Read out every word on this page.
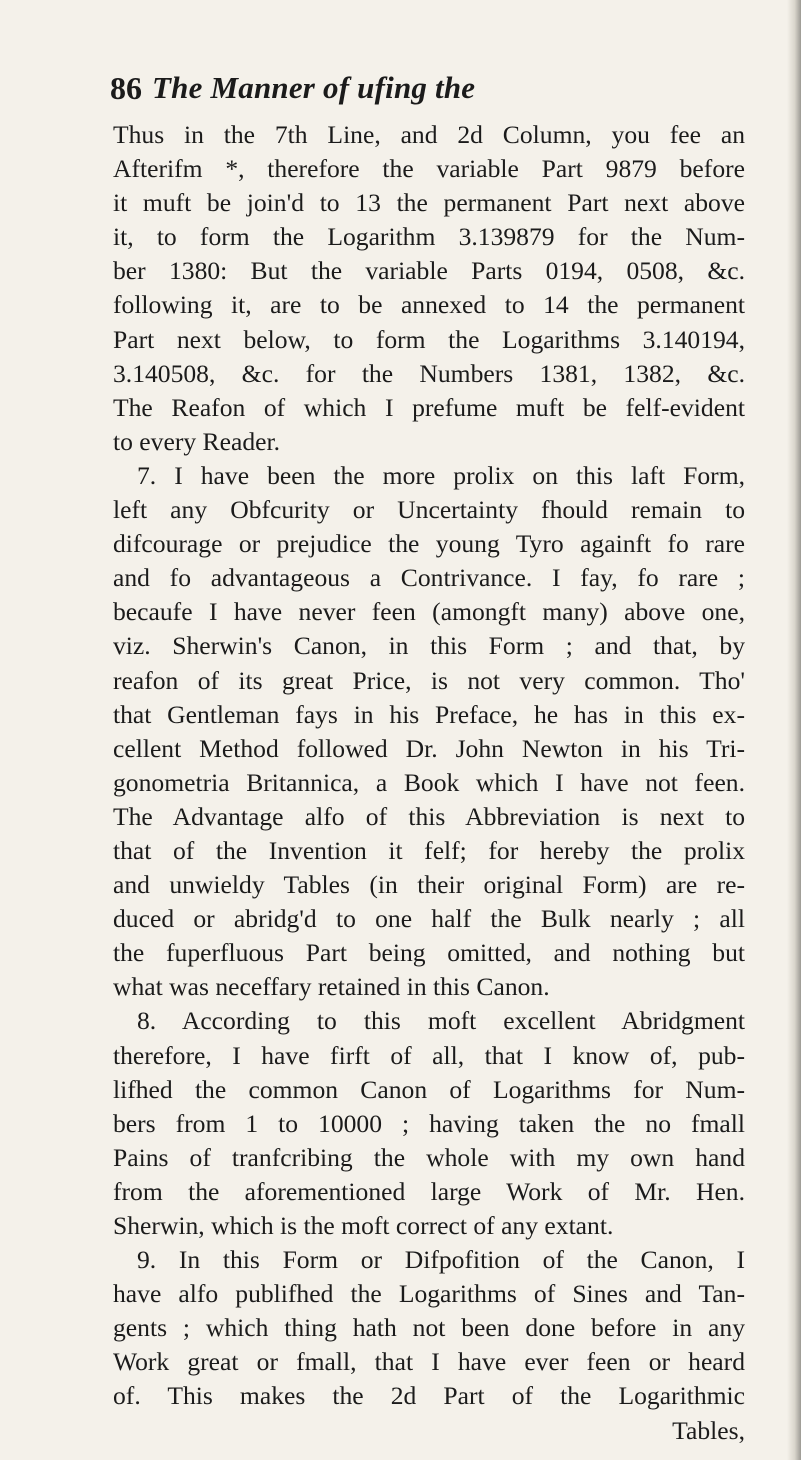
86 The Manner of ufing the
Thus in the 7th Line, and 2d Column, you fee an
Afterifm *, therefore the variable Part 9879 before
it muft be join'd to 13 the permanent Part next above
it, to form the Logarithm 3.139879 for the Num-
ber 1380: But the variable Parts 0194, 0508, &c.
following it, are to be annexed to 14 the permanent
Part next below, to form the Logarithms 3.140194,
3.140508, &c. for the Numbers 1381, 1382, &c.
The Reafon of which I prefume muft be felf-evident
to every Reader.
7. I have been the more prolix on this laft Form,
left any Obfcurity or Uncertainty fhould remain to
difcourage or prejudice the young Tyro againft fo rare
and fo advantageous a Contrivance. I fay, fo rare ;
becaufe I have never feen (amongft many) above one,
viz. Sherwin's Canon, in this Form ; and that, by
reafon of its great Price, is not very common. Tho'
that Gentleman fays in his Preface, he has in this ex-
cellent Method followed Dr. John Newton in his Tri-
gonometria Britannica, a Book which I have not feen.
The Advantage alfo of this Abbreviation is next to
that of the Invention it felf; for hereby the prolix
and unwieldy Tables (in their original Form) are re-
duced or abridg'd to one half the Bulk nearly ; all
the fuperfluous Part being omitted, and nothing but
what was neceffary retained in this Canon.
8. According to this moft excellent Abridgment
therefore, I have firft of all, that I know of, pub-
lifhed the common Canon of Logarithms for Num-
bers from 1 to 10000 ; having taken the no fmall
Pains of tranfcribing the whole with my own hand
from the aforementioned large Work of Mr. Hen.
Sherwin, which is the moft correct of any extant.
9. In this Form or Difpofition of the Canon, I
have alfo publifhed the Logarithms of Sines and Tan-
gents ; which thing hath not been done before in any
Work great or fmall, that I have ever feen or heard
of. This makes the 2d Part of the Logarithmic
Tables,
